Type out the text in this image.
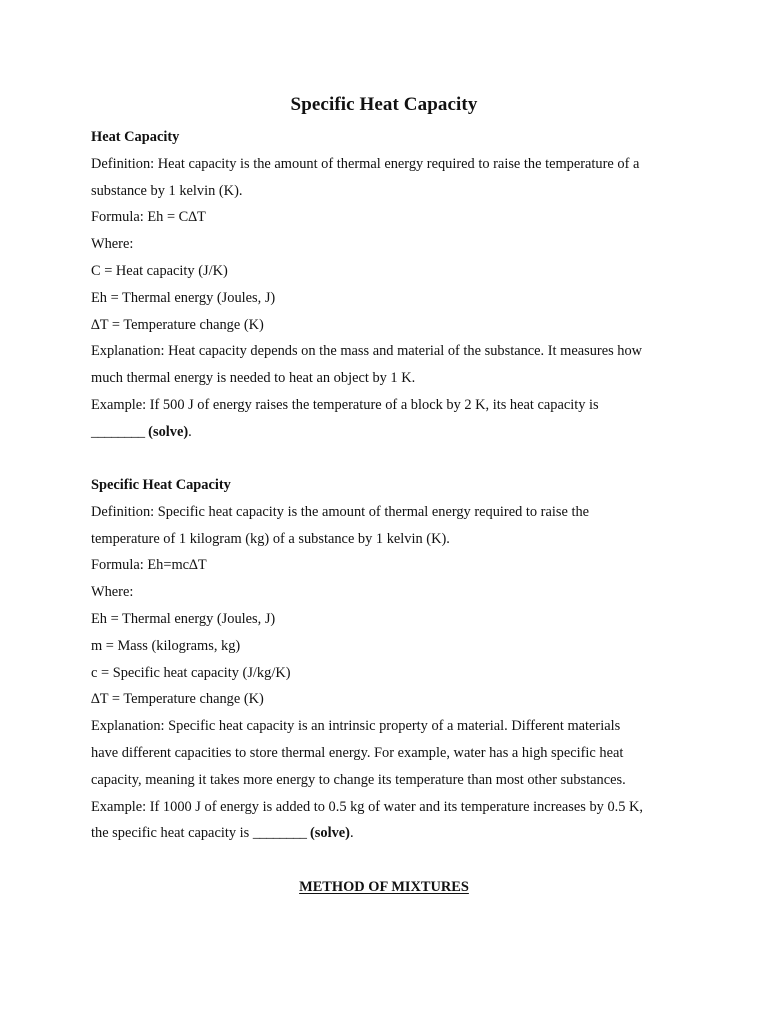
Specific Heat Capacity
Heat Capacity
Definition: Heat capacity is the amount of thermal energy required to raise the temperature of a
substance by 1 kelvin (K).
Formula: Eh = C∆T
Where:
C = Heat capacity (J/K)
Eh = Thermal energy (Joules, J)
∆T = Temperature change (K)
Explanation: Heat capacity depends on the mass and material of the substance. It measures how
much thermal energy is needed to heat an object by 1 K.
Example: If 500 J of energy raises the temperature of a block by 2 K, its heat capacity is
________ (solve).
Specific Heat Capacity
Definition: Specific heat capacity is the amount of thermal energy required to raise the
temperature of 1 kilogram (kg) of a substance by 1 kelvin (K).
Formula: Eh=mc∆T
Where:
Eh = Thermal energy (Joules, J)
m = Mass (kilograms, kg)
c = Specific heat capacity (J/kg/K)
∆T = Temperature change (K)
Explanation: Specific heat capacity is an intrinsic property of a material. Different materials
have different capacities to store thermal energy. For example, water has a high specific heat
capacity, meaning it takes more energy to change its temperature than most other substances.
Example: If 1000 J of energy is added to 0.5 kg of water and its temperature increases by 0.5 K,
the specific heat capacity is ________ (solve).
METHOD OF MIXTURES
